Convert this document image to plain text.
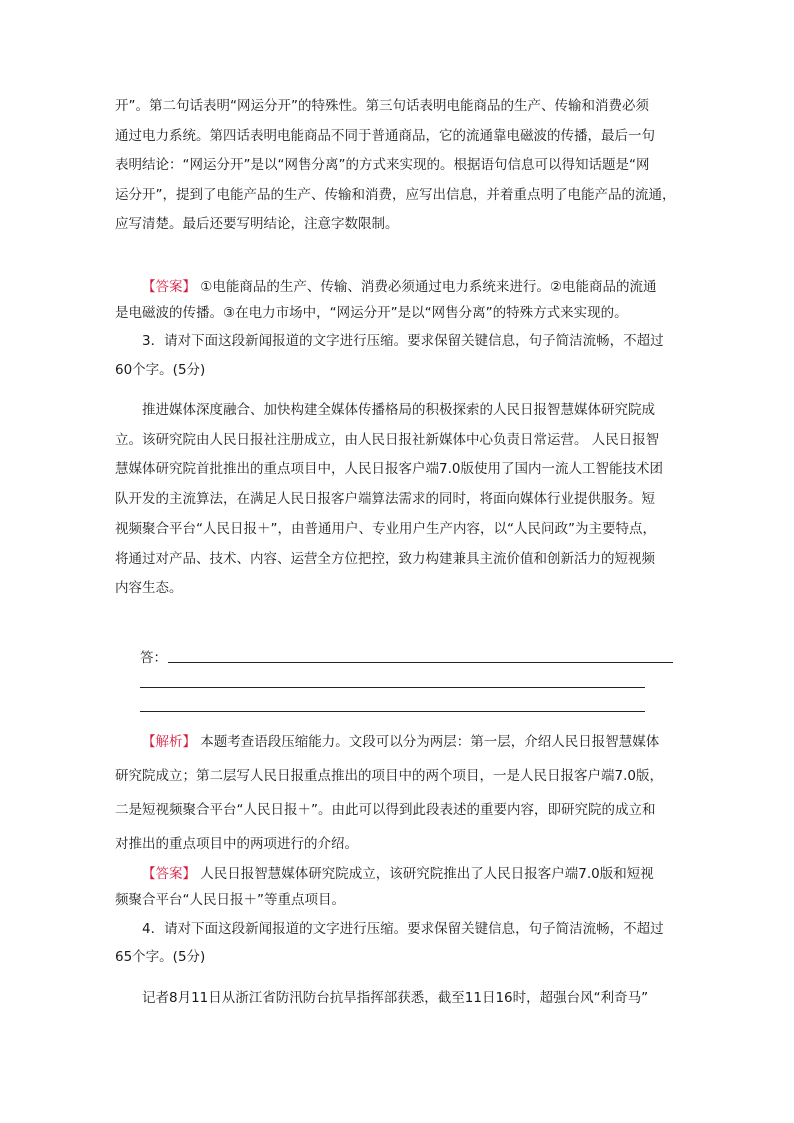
开”。第二句话表明“网运分开”的特殊性。第三句话表明电能商品的生产、传输和消费必须
通过电力系统。第四话表明电能商品不同于普通商品，它的流通靠电磁波的传播，最后一句
表明结论：“网运分开”是以“网售分离”的方式来实现的。根据语句信息可以得知话题是“网
运分开”，提到了电能产品的生产、传输和消费，应写出信息，并着重点明了电能产品的流通，
应写清楚。最后还要写明结论，注意字数限制。
【答案】 ①电能商品的生产、传输、消费必须通过电力系统来进行。②电能商品的流通
是电磁波的传播。③在电力市场中，“网运分开”是以“网售分离”的特殊方式来实现的。
3．请对下面这段新闻报道的文字进行压缩。要求保留关键信息，句子简洁流畅，不超过
60个字。(5分)
推进媒体深度融合、加快构建全媒体传播格局的积极探索的人民日报智慧媒体研究院成
立。该研究院由人民日报社注册成立，由人民日报社新媒体中心负责日常运营。 人民日报智
慧媒体研究院首批推出的重点项目中，人民日报客户端7.0版使用了国内一流人工智能技术团
队开发的主流算法，在满足人民日报客户端算法需求的同时，将面向媒体行业提供服务。短
视频聚合平台“人民日报＋”，由普通用户、专业用户生产内容，以“人民问政”为主要特点，
将通过对产品、技术、内容、运营全方位把控，致力构建兼具主流价值和创新活力的短视频
内容生态。
答：
【解析】 本题考查语段压缩能力。文段可以分为两层：第一层，介绍人民日报智慧媒体
研究院成立；第二层写人民日报重点推出的项目中的两个项目，一是人民日报客户端7.0版，
二是短视频聚合平台“人民日报＋”。由此可以得到此段表述的重要内容，即研究院的成立和
对推出的重点项目中的两项进行的介绍。
【答案】 人民日报智慧媒体研究院成立，该研究院推出了人民日报客户端7.0版和短视
频聚合平台“人民日报＋”等重点项目。
4．请对下面这段新闻报道的文字进行压缩。要求保留关键信息，句子简洁流畅，不超过
65个字。(5分)
记者8月11日从浙江省防汛防台抗旱指挥部获悉，截至11日16时，超强台风“利奇马”
